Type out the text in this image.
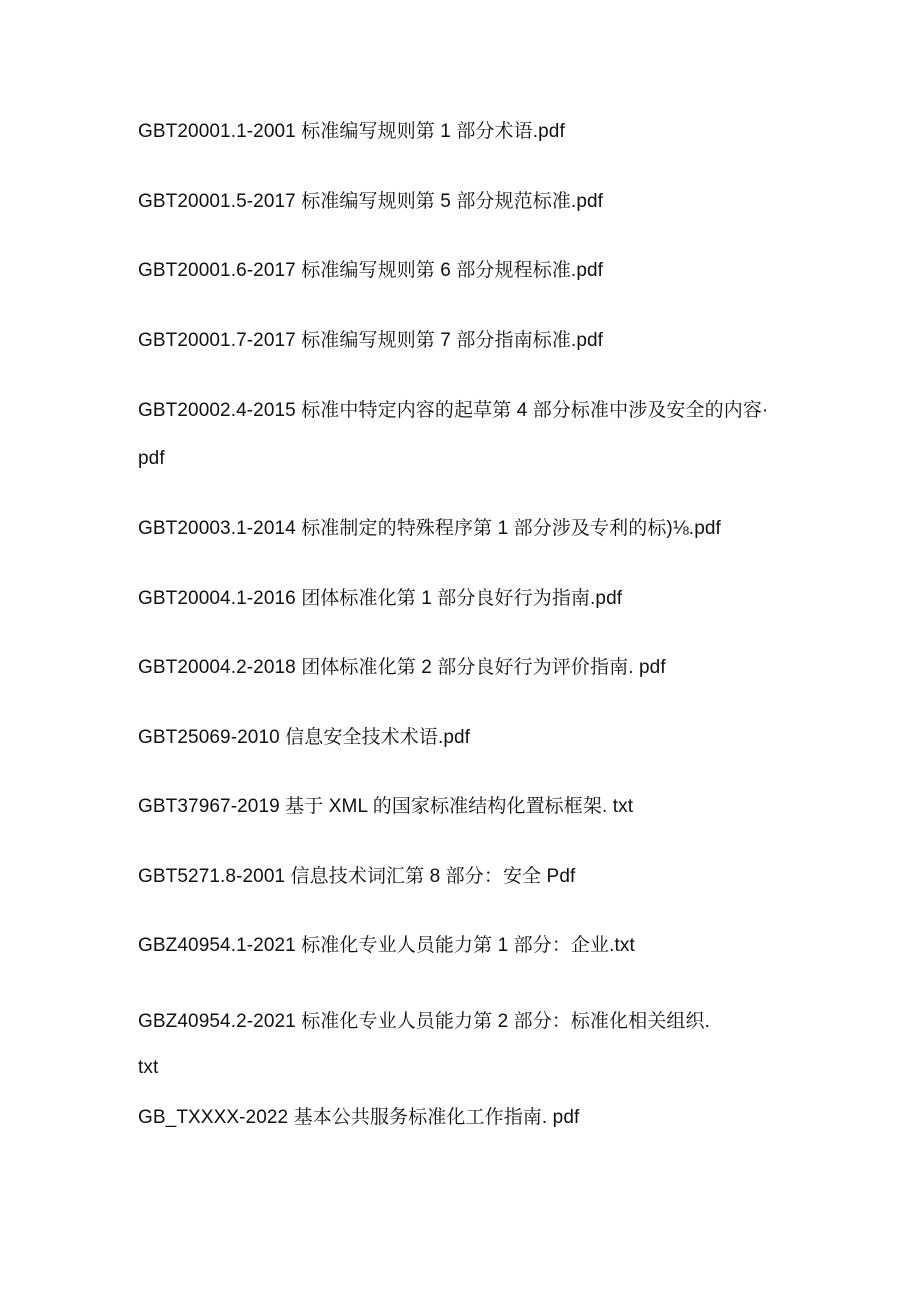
GBT20001.1-2001 标准编写规则第 1 部分术语.pdf
GBT20001.5-2017 标准编写规则第 5 部分规范标准.pdf
GBT20001.6-2017 标准编写规则第 6 部分规程标准.pdf
GBT20001.7-2017 标准编写规则第 7 部分指南标准.pdf
GBT20002.4-2015 标准中特定内容的起草第 4 部分标准中涉及安全的内容·pdf
GBT20003.1-2014 标准制定的特殊程序第 1 部分涉及专利的标)⅛.pdf
GBT20004.1-2016 团体标准化第 1 部分良好行为指南.pdf
GBT20004.2-2018 团体标准化第 2 部分良好行为评价指南. pdf
GBT25069-2010 信息安全技术术语.pdf
GBT37967-2019 基于 XML 的国家标准结构化置标框架. txt
GBT5271.8-2001 信息技术词汇第 8 部分：安全 Pdf
GBZ40954.1-2021 标准化专业人员能力第 1 部分：企业.txt
GBZ40954.2-2021 标准化专业人员能力第 2 部分：标准化相关组织.txt
GB_TXXXX-2022 基本公共服务标准化工作指南. pdf
